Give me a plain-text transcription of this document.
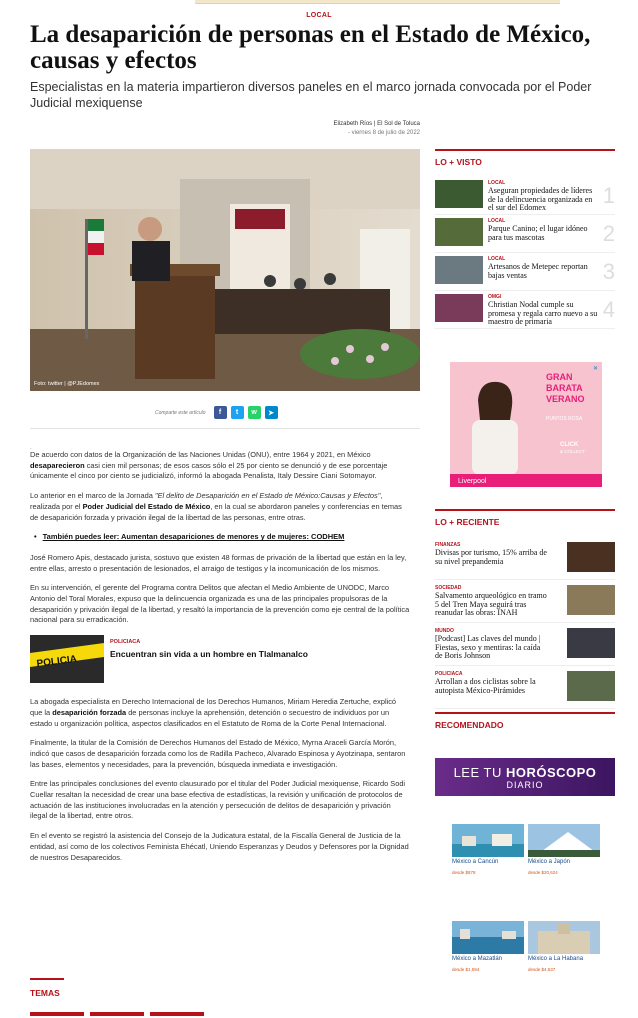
LOCAL
La desaparición de personas en el Estado de México, causas y efectos
Especialistas en la materia impartieron diversos paneles en el marco jornada convocada por el Poder Judicial mexiquense
Elizabeth Ríos | El Sol de Toluca
- viernes 8 de julio de 2022
Foto: twitter | @PJEdomex
Comparte este artículo	f	t	w	➤
.

De acuerdo con datos de la Organización de las Naciones Unidas (ONU), entre 1964 y 2021, en México desaparecieron casi cien mil personas; de esos casos sólo el 25 por ciento se denunció y de ese porcentaje únicamente el cinco por ciento se judicializó, informó la abogada Penalista, Italy Dessire Ciani Sotomayor.

Lo anterior en el marco de la Jornada "El delito de Desaparición en el Estado de México:Causas y Efectos", realizada por el Poder Judicial del Estado de México, en la cual se abordaron paneles y conferencias en temas de desaparición forzada y privación ilegal de la libertad de las personas, entre otras.

• También puedes leer: Aumentan desapariciones de menores y de mujeres: CODHEM

José Romero Apis, destacado jurista, sostuvo que existen 48 formas de privación de la libertad que están en la ley, entre ellas, arresto o presentación de lesionados, el arraigo de testigos y la incomunicación de los mismos.

En su intervención, el gerente del Programa contra Delitos que afectan el Medio Ambiente de UNODC, Marco Antonio del Toral Morales, expuso que la delincuencia organizada es una de las principales propulsoras de la desaparición y privación ilegal de la libertad, y resaltó la importancia de la prevención como eje central de la política nacional para su erradicación.

POLICIA
POLICIACA
Encuentran sin vida a un hombre en Tlalmanalco

La abogada especialista en Derecho Internacional de los Derechos Humanos, Miriam Heredia Zertuche, explicó que la desaparición forzada de personas incluye la aprehensión, detención o secuestro de individuos por un estado u organización política, aspectos clasificados en el Estatuto de Roma de la Corte Penal Internacional.

Finalmente, la titular de la Comisión de Derechos Humanos del Estado de México, Myrna Araceli García Morón, indicó que casos de desaparición forzada como los de Radilla Pacheco, Alvarado Espinosa y Ayotzinapa, sentaron las bases, elementos y necesidades, para la prevención, búsqueda inmediata e investigación.

Entre las principales conclusiones del evento clausurado por el titular del Poder Judicial mexiquense, Ricardo Sodi Cuellar resaltan la necesidad de crear una base efectiva de estadísticas, la revisión y unificación de protocolos de actuación de las instituciones involucradas en la atención y persecución de delitos de desaparición y privación ilegal de la libertad, entre otros.

En el evento se registró la asistencia del Consejo de la Judicatura estatal, de la Fiscalía General de Justicia de la entidad, así como de los colectivos Feminista Ehécatl, Uniendo Esperanzas y Deudos y Defensores por la Dignidad de nuestros Desaparecidos.

TEMAS
LO + VISTO
LOCAL
Aseguran propiedades de líderes de la delincuencia organizada en el sur del Edomex	1
LOCAL
Parque Canino; el lugar idóneo para tus mascotas	2
LOCAL
Artesanos de Metepec reportan bajas ventas	3
OMGI
Christian Nodal cumple su promesa y regala carro nuevo a su maestro de primaria	4
GRAN
BARATA
VERANO
PUNTOS ROSA
CLICK
& COLLECT
Liverpool
✕
LO + RECIENTE
FINANZAS
Divisas por turismo, 15% arriba de su nivel prepandemia
SOCIEDAD
Salvamento arqueológico en tramo 5 del Tren Maya seguirá tras reanudar las obras: INAH
MUNDO
[Podcast] Las claves del mundo | Fiestas, sexo y mentiras: la caída de Boris Johnson
POLICIACA
Arrollan a dos ciclistas sobre la autopista México-Pirámides
RECOMENDADO
LEE TU HORÓSCOPO
DIARIO
México a Cancún
desde $878
México a Japón
desde $20,624
México a Mazatlán
desde $1,594
México a La Habana
desde $4,537
